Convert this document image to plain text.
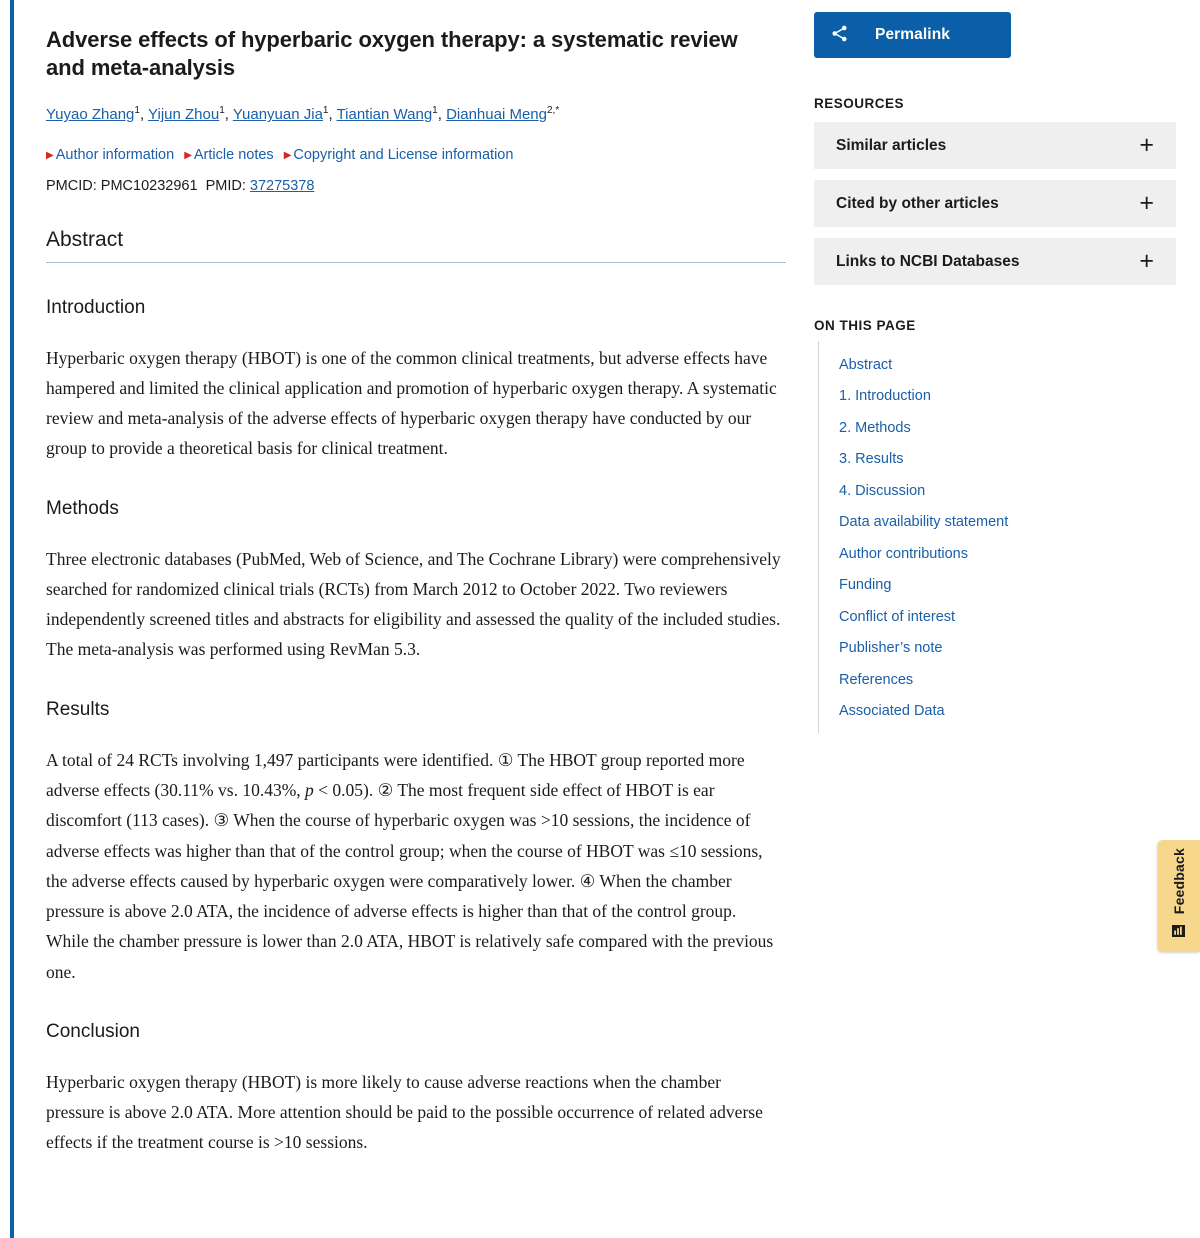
Adverse effects of hyperbaric oxygen therapy: a systematic review and meta-analysis
Yuyao Zhang$^1$, Yijun Zhou$^1$, Yuanyuan Jia$^1$, Tiantian Wang$^1$, Dianhuai Meng$^{2,*}$
▶ Author information ▶ Article notes ▶ Copyright and License information
PMCID: PMC10232961 PMID: 37275378
Abstract
Introduction

Hyperbaric oxygen therapy (HBOT) is one of the common clinical treatments, but adverse effects have hampered and limited the clinical application and promotion of hyperbaric oxygen therapy. A systematic review and meta-analysis of the adverse effects of hyperbaric oxygen therapy have conducted by our group to provide a theoretical basis for clinical treatment.

Methods

Three electronic databases (PubMed, Web of Science, and The Cochrane Library) were comprehensively searched for randomized clinical trials (RCTs) from March 2012 to October 2022. Two reviewers independently screened titles and abstracts for eligibility and assessed the quality of the included studies. The meta-analysis was performed using RevMan 5.3.

Results

A total of 24 RCTs involving 1,497 participants were identified. ① The HBOT group reported more adverse effects (30.11% vs. 10.43%, p < 0.05). ② The most frequent side effect of HBOT is ear discomfort (113 cases). ③ When the course of hyperbaric oxygen was >10 sessions, the incidence of adverse effects was higher than that of the control group; when the course of HBOT was ≤10 sessions, the adverse effects caused by hyperbaric oxygen were comparatively lower. ④ When the chamber pressure is above 2.0 ATA, the incidence of adverse effects is higher than that of the control group. While the chamber pressure is lower than 2.0 ATA, HBOT is relatively safe compared with the previous one.

Conclusion

Hyperbaric oxygen therapy (HBOT) is more likely to cause adverse reactions when the chamber pressure is above 2.0 ATA. More attention should be paid to the possible occurrence of related adverse effects if the treatment course is >10 sessions.

Permalink
RESOURCES
Similar articles	+
Cited by other articles	+
Links to NCBI Databases	+
ON THIS PAGE
Abstract
1. Introduction
2. Methods
3. Results
4. Discussion
Data availability statement
Author contributions
Funding
Conflict of interest
Publisher’s note
References
Associated Data
Feedback
